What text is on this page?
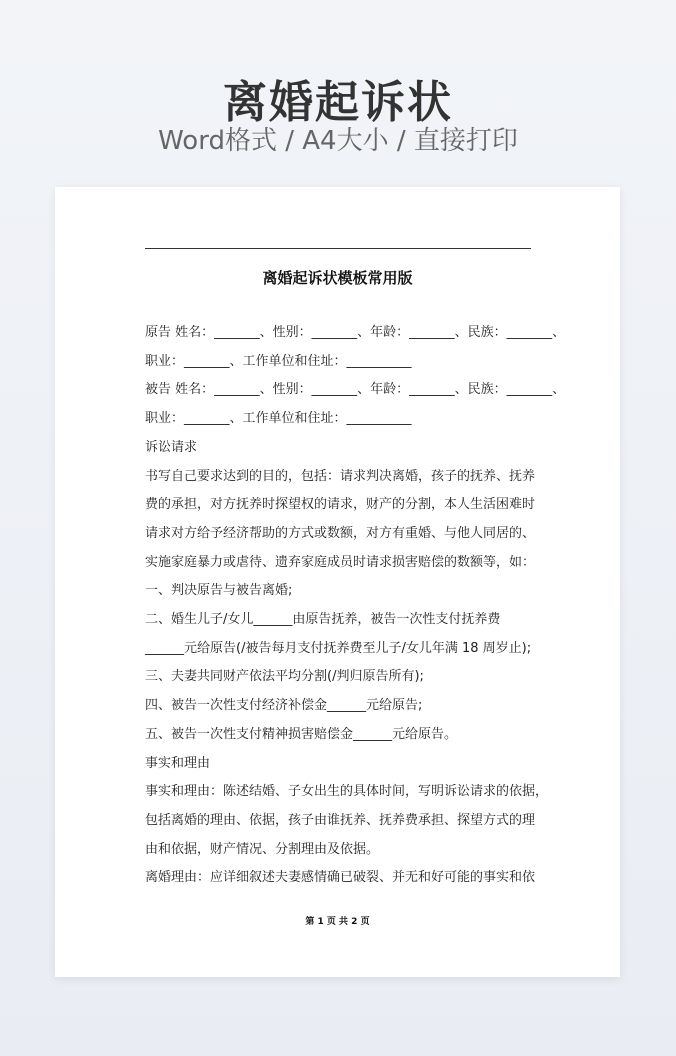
离婚起诉状
Word格式 / A4大小 / 直接打印
离婚起诉状模板常用版
原告 姓名：_______、性别：_______、年龄：_______、民族：_______、
职业：_______、工作单位和住址：__________
被告 姓名：_______、性别：_______、年龄：_______、民族：_______、
职业：_______、工作单位和住址：__________
诉讼请求
书写自己要求达到的目的，包括：请求判决离婚，孩子的抚养、抚养
费的承担，对方抚养时探望权的请求，财产的分割，本人生活困难时
请求对方给予经济帮助的方式或数额，对方有重婚、与他人同居的、
实施家庭暴力或虐待、遗弃家庭成员时请求损害赔偿的数额等，如：
一、判决原告与被告离婚;
二、婚生儿子/女儿______由原告抚养，被告一次性支付抚养费
______元给原告(/被告每月支付抚养费至儿子/女儿年满 18 周岁止);
三、夫妻共同财产依法平均分割(/判归原告所有);
四、被告一次性支付经济补偿金______元给原告;
五、被告一次性支付精神损害赔偿金______元给原告。
事实和理由
事实和理由：陈述结婚、子女出生的具体时间，写明诉讼请求的依据，
包括离婚的理由、依据，孩子由谁抚养、抚养费承担、探望方式的理
由和依据，财产情况、分割理由及依据。
离婚理由：应详细叙述夫妻感情确已破裂、并无和好可能的事实和依
第 1 页 共 2 页
